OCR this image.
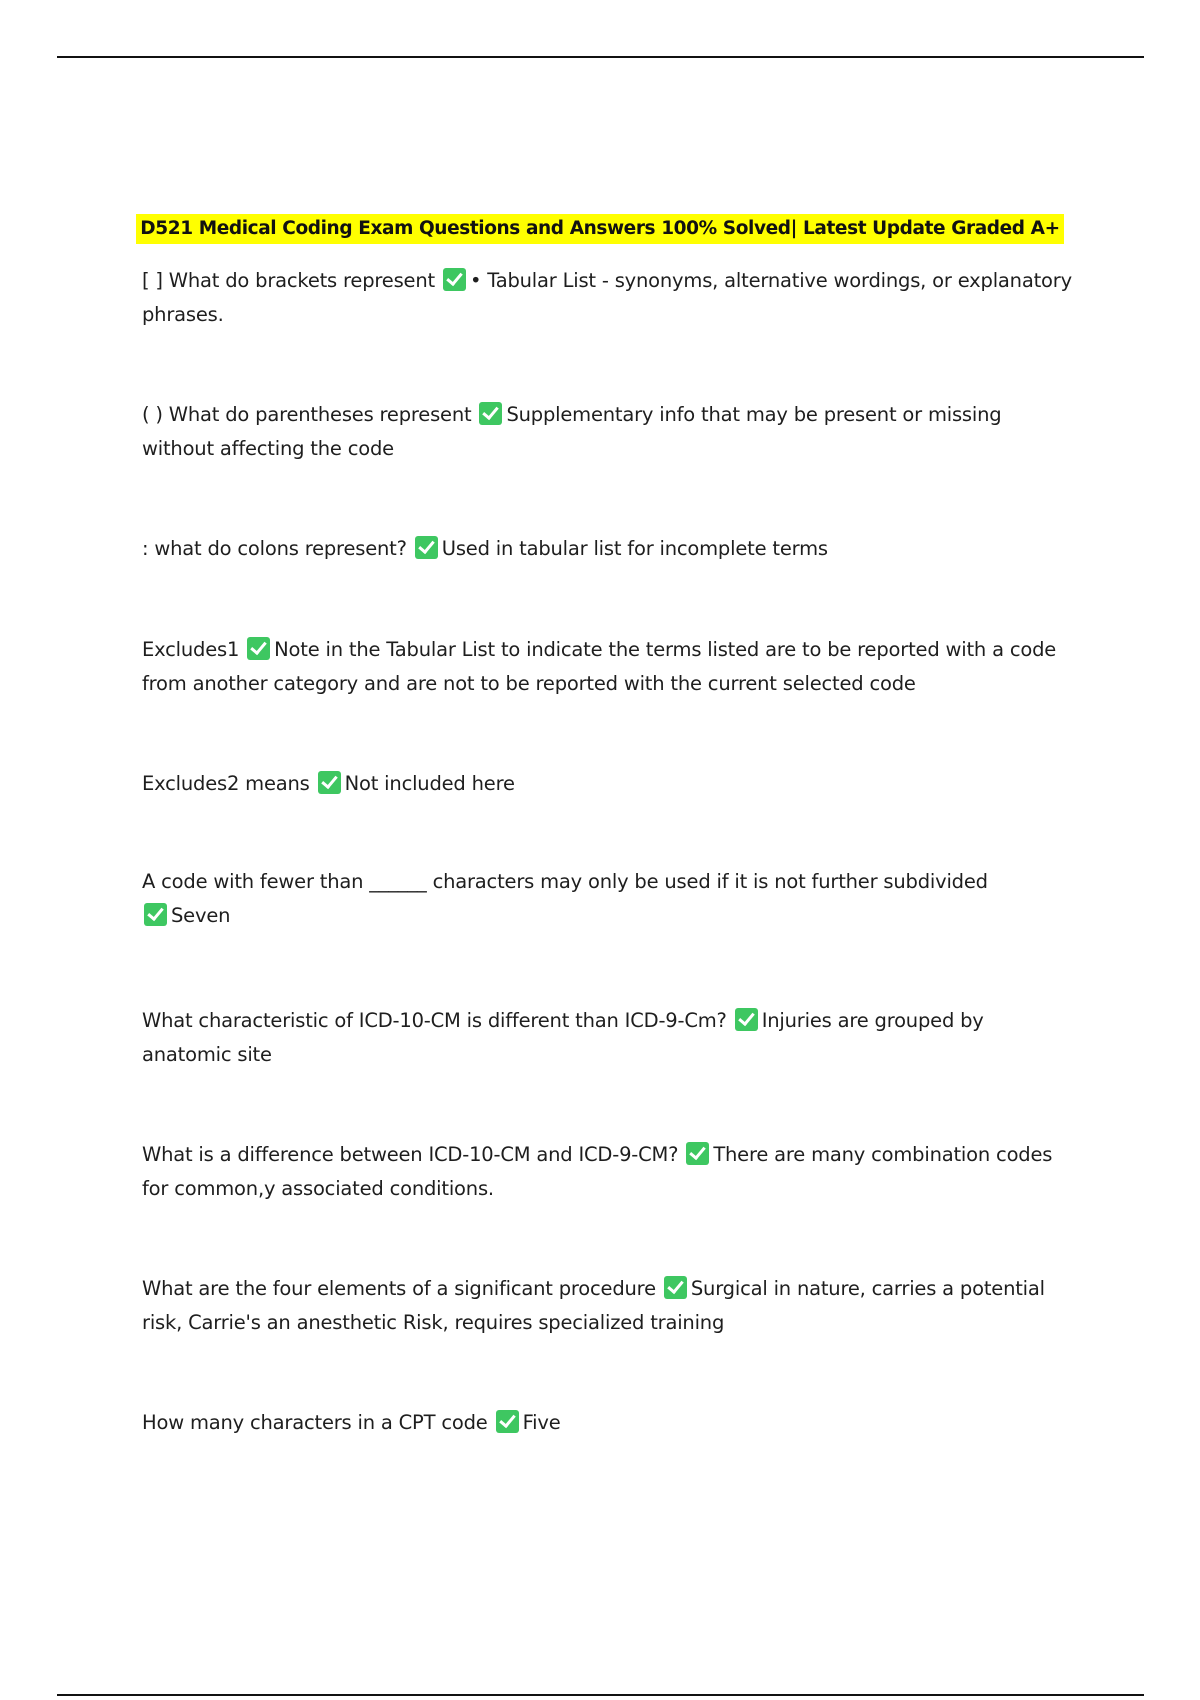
D521 Medical Coding Exam Questions and Answers 100% Solved| Latest Update Graded A+
[ ] What do brackets represent • Tabular List - synonyms, alternative wordings, or explanatory phrases.
( ) What do parentheses represent Supplementary info that may be present or missing without affecting the code
: what do colons represent? Used in tabular list for incomplete terms
Excludes1 Note in the Tabular List to indicate the terms listed are to be reported with a code from another category and are not to be reported with the current selected code
Excludes2 means Not included here
A code with fewer than ______ characters may only be used if it is not further subdivided
Seven
What characteristic of ICD-10-CM is different than ICD-9-Cm? Injuries are grouped by anatomic site
What is a difference between ICD-10-CM and ICD-9-CM? There are many combination codes for common,y associated conditions.
What are the four elements of a significant procedure Surgical in nature, carries a potential risk, Carrie's an anesthetic Risk, requires specialized training
How many characters in a CPT code Five
